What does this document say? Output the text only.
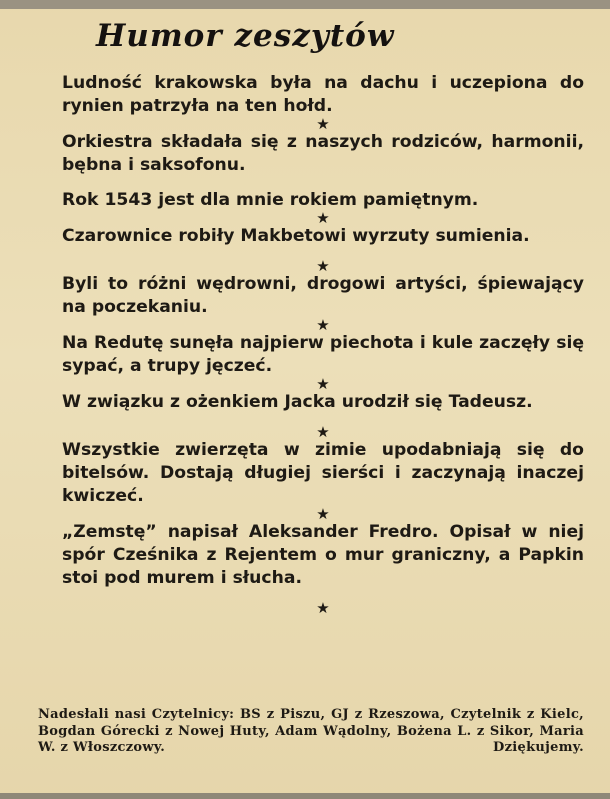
Humor zeszytów

Ludność krakowska była na dachu i uczepiona do rynien patrzyła na ten hołd.

★

Orkiestra składała się z naszych rodziców, harmonii, bębna i saksofonu.

Rok 1543 jest dla mnie rokiem pamiętnym.

★

Czarownice robiły Makbetowi wyrzuty sumienia.

★

Byli to różni wędrowni, drogowi artyści, śpiewający na poczekaniu.

★

Na Redutę sunęła najpierw piechota i kule zaczęły się sypać, a trupy jęczeć.

★

W związku z ożenkiem Jacka urodził się Tadeusz.

★

Wszystkie zwierzęta w zimie upodabniają się do bitelsów. Dostają długiej sierści i zaczynają inaczej kwiczeć.

★

„Zemstę” napisał Aleksander Fredro. Opisał w niej spór Cześnika z Rejentem o mur graniczny, a Papkin stoi pod murem i słucha.

★

Nadesłali nasi Czytelnicy: BS z Piszu, GJ z Rzeszowa, Czytelnik z Kielc, Bogdan Górecki z Nowej Huty, Adam Wądolny, Bożena L. z Sikor, Maria W. z Włoszczowy.	Dziękujemy.
